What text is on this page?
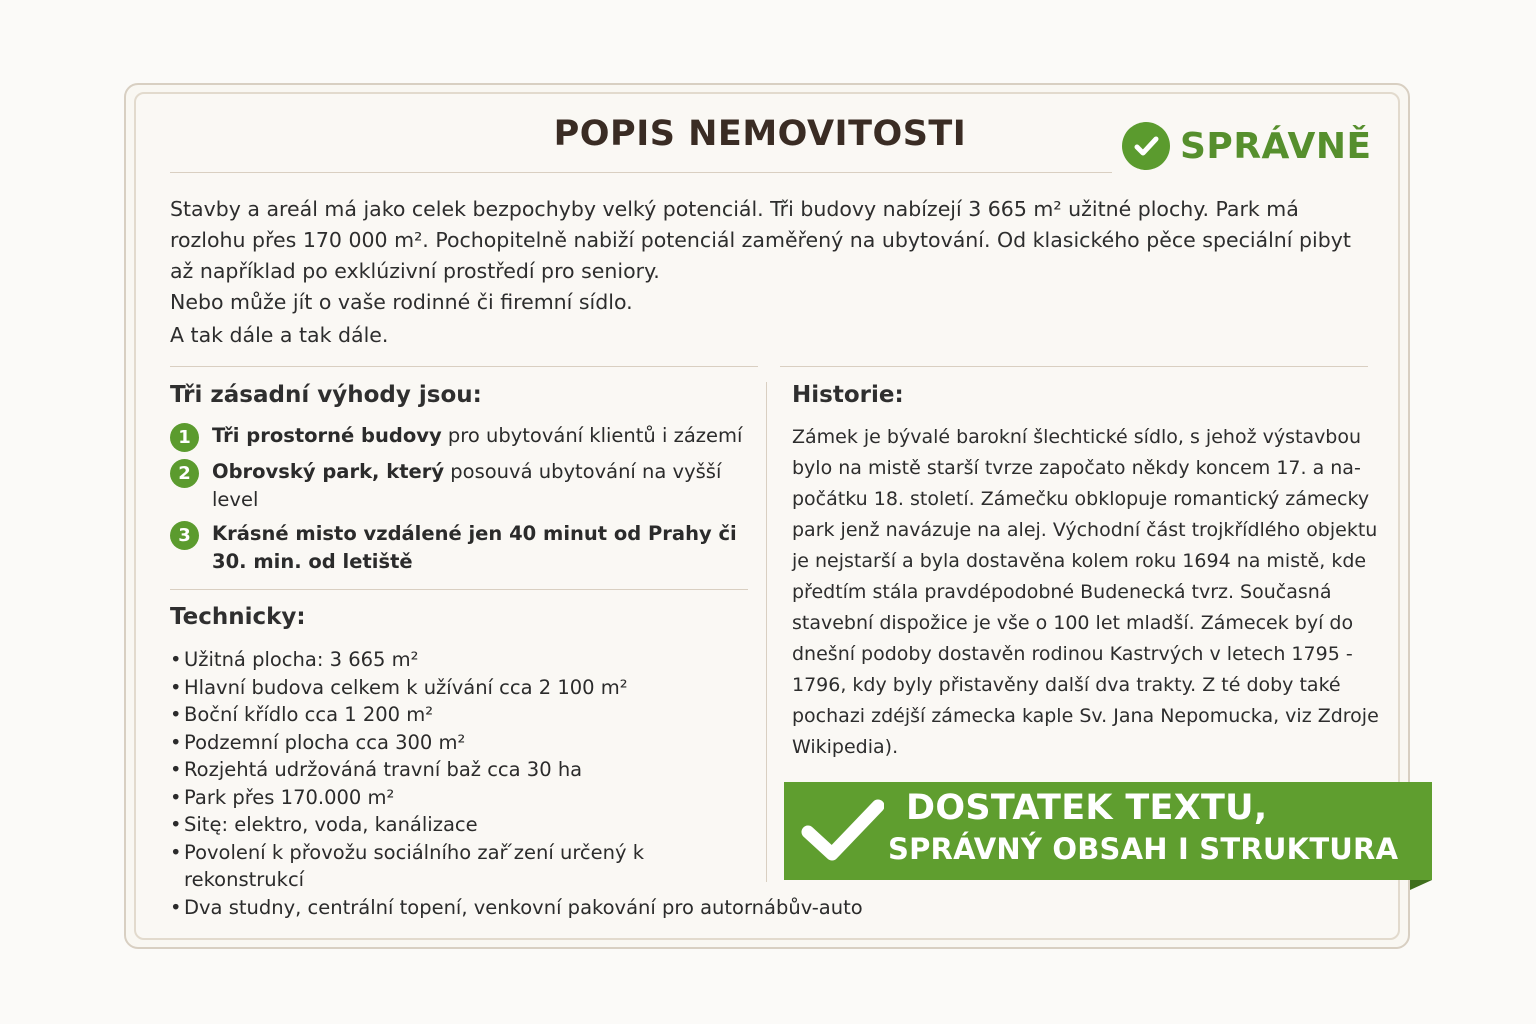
POPIS NEMOVITOSTI	SPRÁVNĚ

Stavby a areál má jako celek bezpochyby velký potenciál. Tři budovy nabízejí 3 665 m² užitné plochy. Park má rozlohu přes 170 000 m². Pochopitelně nabiží potenciál zaměřený na ubytování. Od klasického pěce speciální pibyt až například po exklúzivní prostředí pro seniory.

Nebo může jít o vaše rodinné či firemní sídlo.

A tak dále a tak dále.

Tři zásadní výhody jsou:
1	Tři prostorné budovy pro ubytování klientů i zázemí
2	Obrovský park, který posouvá ubytování na vyšší level
3	Krásné misto vzdálené jen 40 minut od Prahy či 30. min. od letiště
Technicky:
• Užitná plocha: 3 665 m²
• Hlavní budova celkem k užívání cca 2 100 m²
• Boční křídlo cca 1 200 m²
• Podzemní plocha cca 300 m²
• Rozjehtá udržováná travní baž cca 30 ha
• Park přes 170.000 m²
• Sitę: elektro, voda, kanálizace
• Povolení k přovožu sociálního zař ́zení určený k rekonstrukcí
• Dva studny, centrální topení, venkovní pakování pro autornábův-auto
Historie:

Zámek je bývalé barokní šlechtické sídlo, s jehož výstavbou bylo na mistě starší tvrze započato někdy koncem 17. a napočátku 18. století. Zámečku obklopuje romantický zámecky park jenž navázuje na alej. Východní část trojkřídlého objektu je nejstarší a byla dostavěna kolem roku 1694 na mistě, kde předtím stála pravdépodobné Budenecká tvrz. Současná stavební dispožice je vše o 100 let mladší. Zámecek byí do dnešní podoby dostavěn rodinou Kastrvých v letech 1795 - 1796, kdy byly přistavěny další dva trakty. Z té doby také pochazi zdéjší zámecka kaple Sv. Jana Nepomucka, viz Zdroje Wikipedia).

DOSTATEK TEXTU,
SPRÁVNÝ OBSAH I STRUKTURA
